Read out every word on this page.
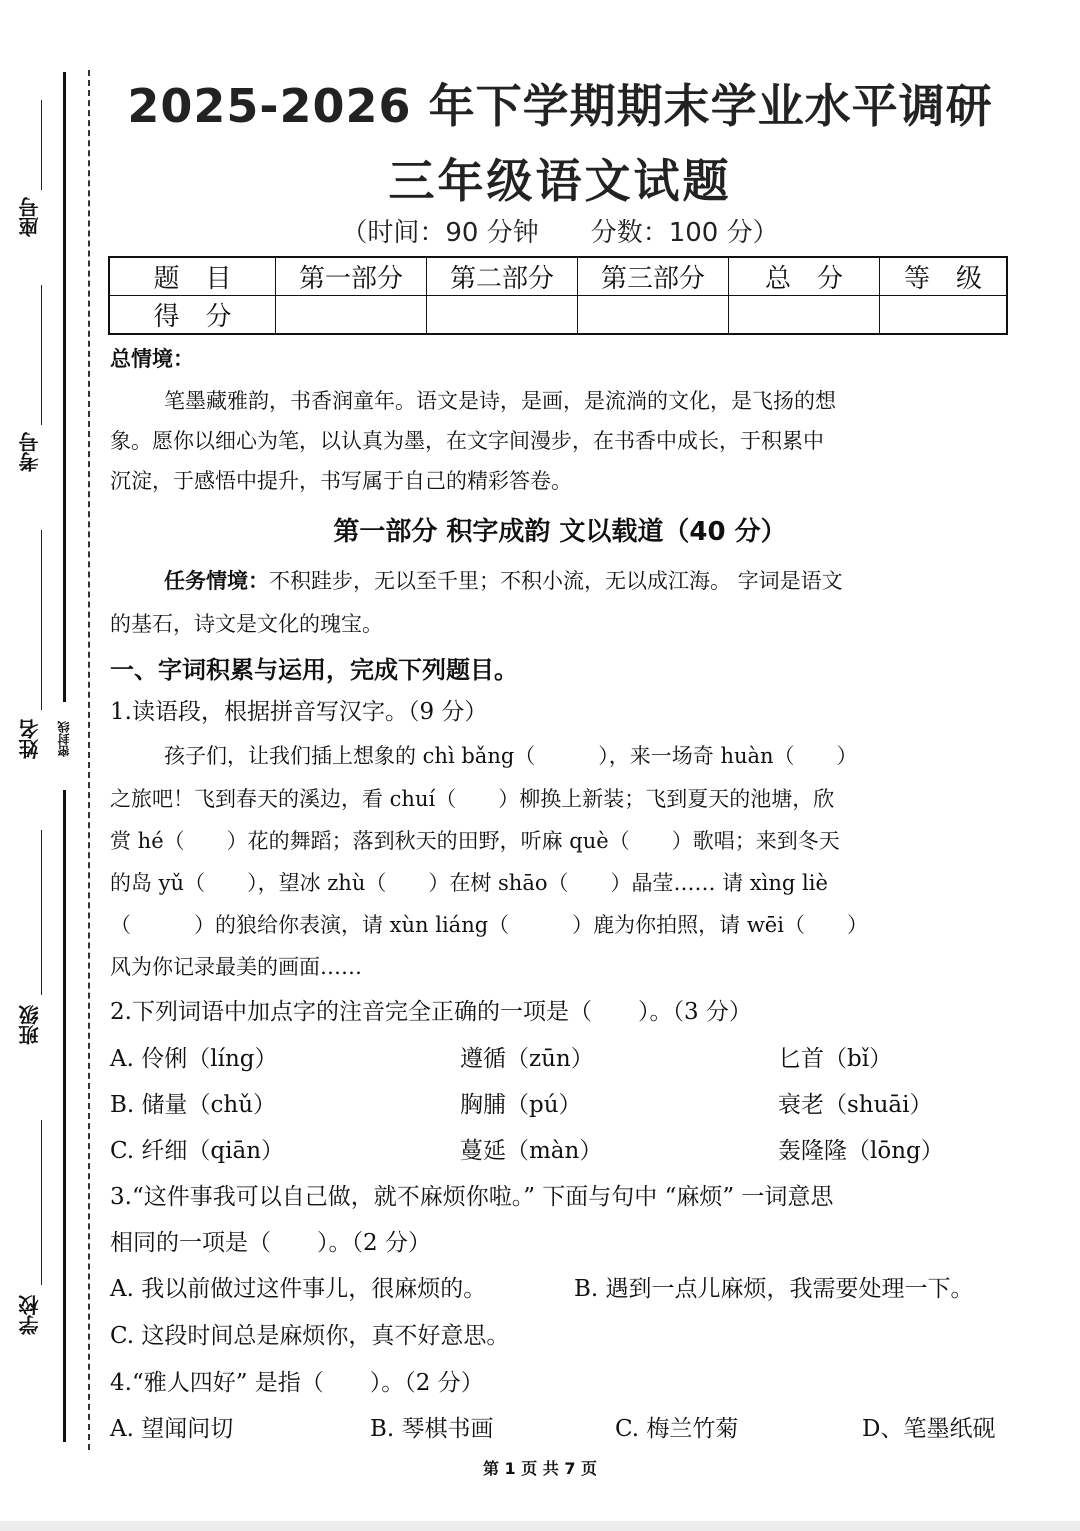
座号
考号
姓名
班级
学校
密封线
2025-2026 年下学期期末学业水平调研
三年级语文试题
（时间：90 分钟　　分数：100 分）
题　目	第一部分	第二部分	第三部分	总　分	等　级
得　分					
总情境：
笔墨藏雅韵，书香润童年。语文是诗，是画，是流淌的文化，是飞扬的想
象。愿你以细心为笔，以认真为墨，在文字间漫步，在书香中成长，于积累中
沉淀，于感悟中提升，书写属于自己的精彩答卷。
第一部分 积字成韵 文以载道（40 分）
任务情境：不积跬步，无以至千里；不积小流，无以成江海。 字词是语文
的基石，诗文是文化的瑰宝。
一、字词积累与运用，完成下列题目。
1.读语段，根据拼音写汉字。（9 分）
孩子们，让我们插上想象的 chì bǎng（　　　），来一场奇 huàn（　　）
之旅吧！飞到春天的溪边，看 chuí（　　）柳换上新装；飞到夏天的池塘，欣
赏 hé（　　）花的舞蹈；落到秋天的田野，听麻 què（　　）歌唱；来到冬天
的岛 yǔ（　　），望冰 zhù（　　）在树 shāo（　　）晶莹…… 请 xìng liè
（　　　）的狼给你表演，请 xùn liáng（　　　）鹿为你拍照，请 wēi（　　）
风为你记录最美的画面……
2.下列词语中加点字的注音完全正确的一项是（　　）。（3 分）
A. 伶俐（líng）	遵循（zūn）	匕首（bǐ）
B. 储量（chǔ）	胸脯（pú）	衰老（shuāi）
C. 纤细（qiān）	蔓延（màn）	轰隆隆（lōng）
3.“这件事我可以自己做，就不麻烦你啦。” 下面与句中 “麻烦” 一词意思
相同的一项是（　　）。（2 分）
A. 我以前做过这件事儿，很麻烦的。	B. 遇到一点儿麻烦，我需要处理一下。
C. 这段时间总是麻烦你，真不好意思。
4.“雅人四好” 是指（　　）。（2 分）
A. 望闻问切	B. 琴棋书画	C. 梅兰竹菊	D、笔墨纸砚
第 1 页 共 7 页
